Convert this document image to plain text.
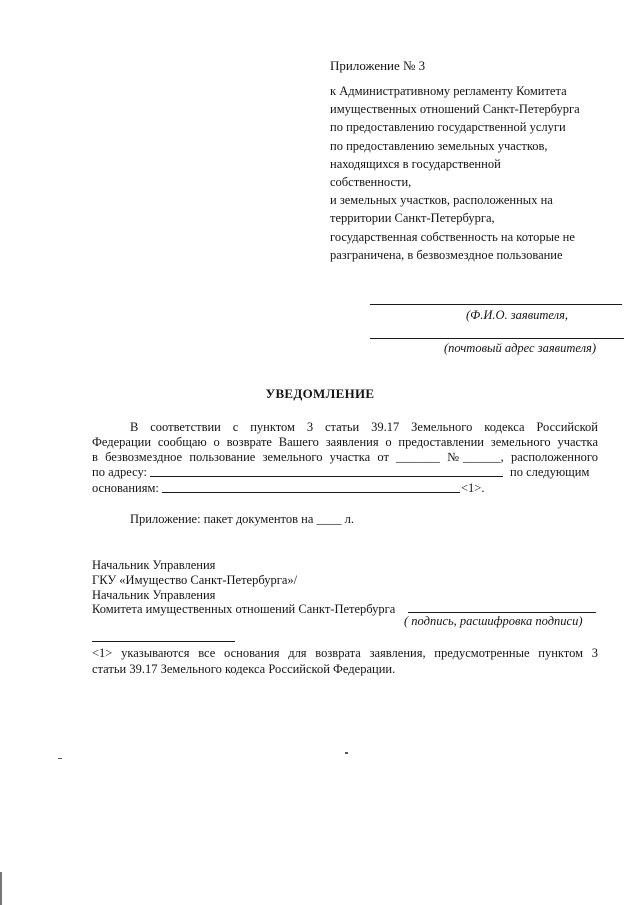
Приложение № 3
к Административному регламенту Комитета
имущественных отношений Санкт-Петербурга
по предоставлению государственной услуги
по предоставлению земельных участков,
находящихся в государственной
собственности,
и земельных участков, расположенных на
территории Санкт-Петербурга,
государственная собственность на которые не
разграничена, в безвозмездное пользование
(Ф.И.О. заявителя,
(почтовый адрес заявителя)
УВЕДОМЛЕНИЕ
В соответствии с пунктом 3 статьи 39.17 Земельного кодекса Российской
Федерации сообщаю о возврате Вашего заявления о предоставлении земельного участка
в безвозмездное пользование земельного участка от _______ №______, расположенного
по адресу:	по следующим
основаниям:	<1>.
Приложение: пакет документов на ____ л.
Начальник Управления
ГКУ «Имущество Санкт-Петербурга»/
Начальник Управления
Комитета имущественных отношений Санкт-Петербурга
( подпись, расшифровка подписи)
<1> указываются все основания для возврата заявления, предусмотренные пунктом 3
статьи 39.17 Земельного кодекса Российской Федерации.
